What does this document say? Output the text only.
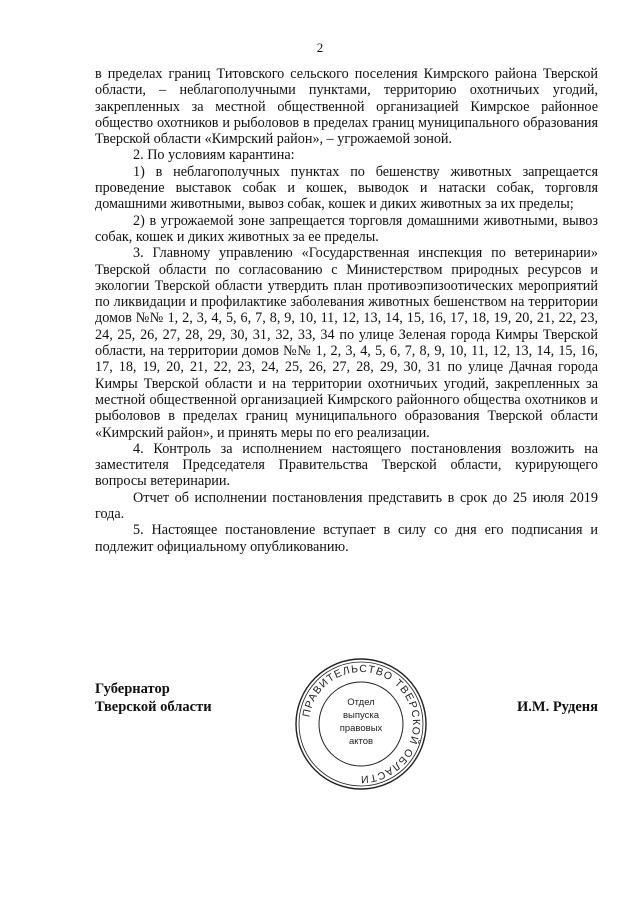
2

в пределах границ Титовского сельского поселения Кимрского района Тверской области, – неблагополучными пунктами, территорию охотничьих угодий, закрепленных за местной общественной организацией Кимрское районное общество охотников и рыболовов в пределах границ муниципального образования Тверской области «Кимрский район», – угрожаемой зоной.

2. По условиям карантина:

1) в неблагополучных пунктах по бешенству животных запрещается проведение выставок собак и кошек, выводок и натаски собак, торговля домашними животными, вывоз собак, кошек и диких животных за их пределы;

2) в угрожаемой зоне запрещается торговля домашними животными, вывоз собак, кошек и диких животных за ее пределы.

3. Главному управлению «Государственная инспекция по ветеринарии» Тверской области по согласованию с Министерством природных ресурсов и экологии Тверской области утвердить план противоэпизоотических мероприятий по ликвидации и профилактике заболевания животных бешенством на территории домов №№ 1, 2, 3, 4, 5, 6, 7, 8, 9, 10, 11, 12, 13, 14, 15, 16, 17, 18, 19, 20, 21, 22, 23, 24, 25, 26, 27, 28, 29, 30, 31, 32, 33, 34 по улице Зеленая города Кимры Тверской области, на территории домов №№ 1, 2, 3, 4, 5, 6, 7, 8, 9, 10, 11, 12, 13, 14, 15, 16, 17, 18, 19, 20, 21, 22, 23, 24, 25, 26, 27, 28, 29, 30, 31 по улице Дачная города Кимры Тверской области и на территории охотничьих угодий, закрепленных за местной общественной организацией Кимрского районного общества охотников и рыболовов в пределах границ муниципального образования Тверской области «Кимрский район», и принять меры по его реализации.

4. Контроль за исполнением настоящего постановления возложить на заместителя Председателя Правительства Тверской области, курирующего вопросы ветеринарии.

Отчет об исполнении постановления представить в срок до 25 июля 2019 года.

5. Настоящее постановление вступает в силу со дня его подписания и подлежит официальному опубликованию.

Губернатор
Тверской области	ПРАВИТЕЛЬСТВО ТВЕРСКОЙ ОБЛАСТИ
Отдел
выпуска
правовых
актов
И.М. Руденя
